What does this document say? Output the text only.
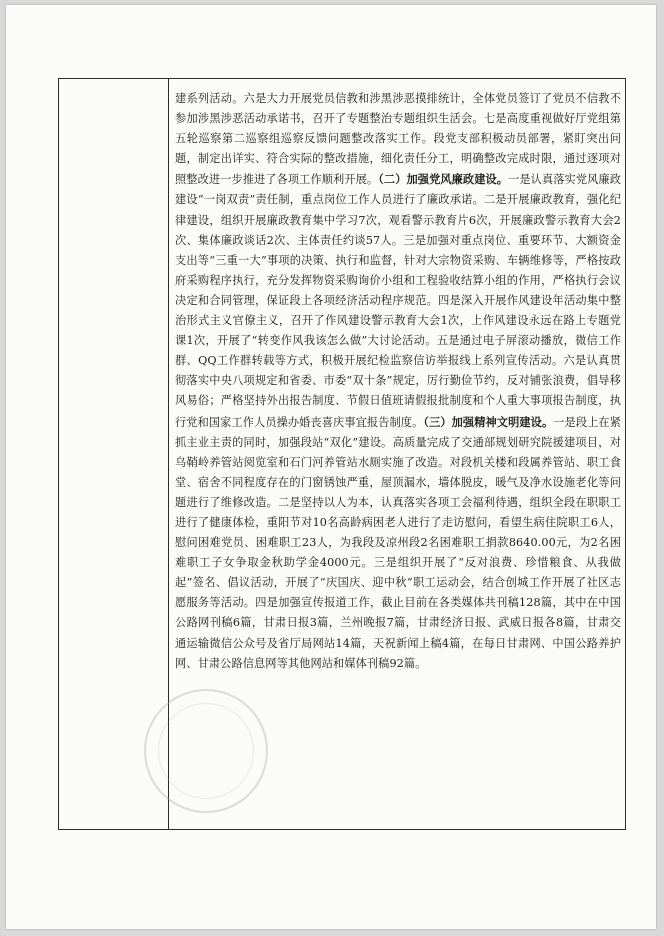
建系列活动。六是大力开展党员信教和涉黑涉恶摸排统计，全体党员签订了党员不信教不参加涉黑涉恶活动承诺书，召开了专题整治专题组织生活会。七是高度重视做好厅党组第五轮巡察第二巡察组巡察反馈问题整改落实工作。段党支部积极动员部署，紧盯突出问题，制定出详实、符合实际的整改措施，细化责任分工，明确整改完成时限，通过逐项对照整改进一步推进了各项工作顺利开展。（二）加强党风廉政建设。一是认真落实党风廉政建设“一岗双责”责任制，重点岗位工作人员进行了廉政承诺。二是开展廉政教育，强化纪律建设，组织开展廉政教育集中学习7次，观看警示教育片6次，开展廉政警示教育大会2次、集体廉政谈话2次、主体责任约谈57人。三是加强对重点岗位、重要环节、大额资金支出等“三重一大”事项的决策、执行和监督，针对大宗物资采购、车辆维修等，严格按政府采购程序执行，充分发挥物资采购询价小组和工程验收结算小组的作用，严格执行会议决定和合同管理，保证段上各项经济活动程序规范。四是深入开展作风建设年活动集中整治形式主义官僚主义，召开了作风建设警示教育大会1次，上作风建设永远在路上专题党课1次，开展了“转变作风我该怎么做”大讨论活动。五是通过电子屏滚动播放，微信工作群、QQ工作群转载等方式，积极开展纪检监察信访举报线上系列宣传活动。六是认真贯彻落实中央八项规定和省委、市委“双十条”规定，厉行勤俭节约，反对铺张浪费，倡导移风易俗；严格坚持外出报告制度、节假日值班请假报批制度和个人重大事项报告制度，执行党和国家工作人员操办婚丧喜庆事宜报告制度。（三）加强精神文明建设。一是段上在紧抓主业主责的同时，加强段站“双化”建设。高质量完成了交通部规划研究院援建项目，对乌鞘岭养管站阅览室和石门河养管站水厕实施了改造。对段机关楼和段属养管站、职工食堂、宿舍不同程度存在的门窗锈蚀严重，屋顶漏水，墙体脱皮，暖气及净水设施老化等问题进行了维修改造。二是坚持以人为本，认真落实各项工会福利待遇，组织全段在职职工进行了健康体检，重阳节对10名高龄病困老人进行了走访慰问，看望生病住院职工6人，慰问困难党员、困难职工23人，为我段及凉州段2名困难职工捐款8640.00元，为2名困难职工子女争取金秋助学金4000元。三是组织开展了“反对浪费、珍惜粮食、从我做起”签名、倡议活动，开展了“庆国庆、迎中秋”职工运动会，结合创城工作开展了社区志愿服务等活动。四是加强宣传报道工作，截止目前在各类媒体共刊稿128篇，其中在中国公路网刊稿6篇，甘肃日报3篇，兰州晚报7篇，甘肃经济日报、武威日报各8篇，甘肃交通运输微信公众号及省厅局网站14篇，天祝新闻上稿4篇，在每日甘肃网、中国公路养护网、甘肃公路信息网等其他网站和媒体刊稿92篇。
